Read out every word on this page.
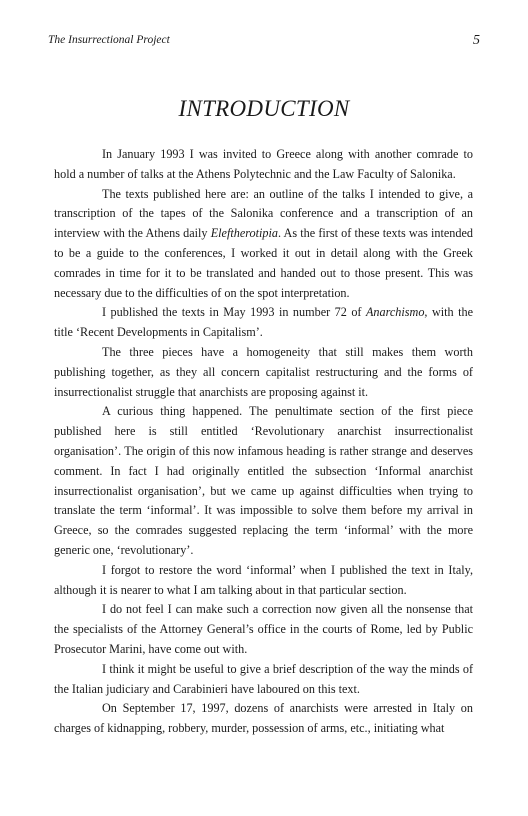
The Insurrectional Project	5
INTRODUCTION

In January 1993 I was invited to Greece along with another comrade to hold a number of talks at the Athens Polytechnic and the Law Faculty of Salonika.

The texts published here are: an outline of the talks I intended to give, a transcription of the tapes of the Salonika conference and a transcription of an interview with the Athens daily Eleftherotipia. As the first of these texts was intended to be a guide to the conferences, I worked it out in detail along with the Greek comrades in time for it to be translated and handed out to those present. This was necessary due to the difficulties of on the spot interpretation.

I published the texts in May 1993 in number 72 of Anarchismo, with the title ‘Recent Developments in Capitalism’.

The three pieces have a homogeneity that still makes them worth publishing together, as they all concern capitalist restructuring and the forms of insurrectionalist struggle that anarchists are proposing against it.

A curious thing happened. The penultimate section of the first piece published here is still entitled ‘Revolutionary anarchist insurrectionalist organisation’. The origin of this now infamous heading is rather strange and deserves comment. In fact I had originally entitled the subsection ‘Informal anarchist insurrectionalist organisation’, but we came up against difficulties when trying to translate the term ‘informal’. It was impossible to solve them before my arrival in Greece, so the comrades suggested replacing the term ‘informal’ with the more generic one, ‘revolutionary’.

I forgot to restore the word ‘informal’ when I published the text in Italy, although it is nearer to what I am talking about in that particular section.

I do not feel I can make such a correction now given all the nonsense that the specialists of the Attorney General’s office in the courts of Rome, led by Public Prosecutor Marini, have come out with.

I think it might be useful to give a brief description of the way the minds of the Italian judiciary and Carabinieri have laboured on this text.

On September 17, 1997, dozens of anarchists were arrested in Italy on charges of kidnapping, robbery, murder, possession of arms, etc., initiating what
